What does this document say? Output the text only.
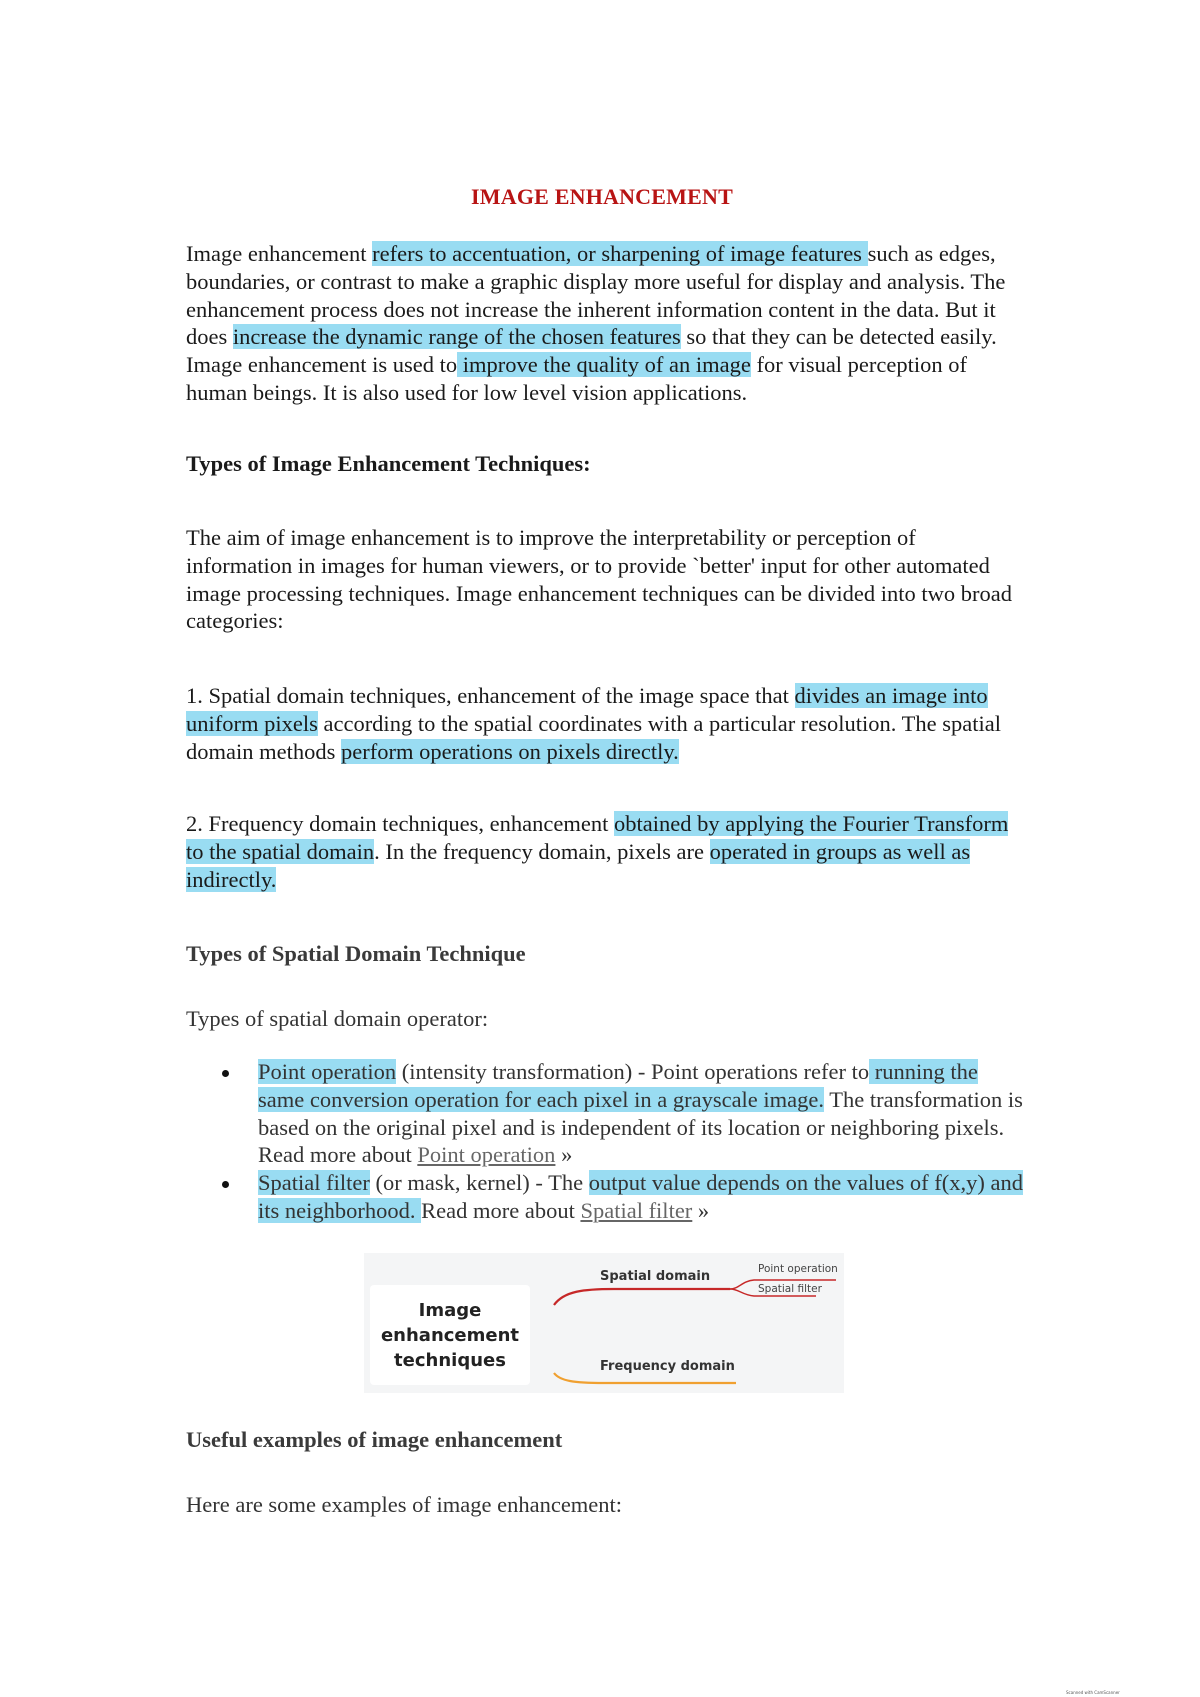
IMAGE ENHANCEMENT
Image enhancement refers to accentuation, or sharpening of image features such as edges, boundaries, or contrast to make a graphic display more useful for display and analysis. The enhancement process does not increase the inherent information content in the data. But it does increase the dynamic range of the chosen features so that they can be detected easily. Image enhancement is used to improve the quality of an image for visual perception of human beings. It is also used for low level vision applications.
Types of Image Enhancement Techniques:
The aim of image enhancement is to improve the interpretability or perception of information in images for human viewers, or to provide `better' input for other automated image processing techniques. Image enhancement techniques can be divided into two broad categories:
1. Spatial domain techniques, enhancement of the image space that divides an image into uniform pixels according to the spatial coordinates with a particular resolution. The spatial domain methods perform operations on pixels directly.
2. Frequency domain techniques, enhancement obtained by applying the Fourier Transform to the spatial domain. In the frequency domain, pixels are operated in groups as well as indirectly.
Types of Spatial Domain Technique
Types of spatial domain operator:
Point operation (intensity transformation) - Point operations refer to running the same conversion operation for each pixel in a grayscale image. The transformation is based on the original pixel and is independent of its location or neighboring pixels. Read more about Point operation »
Spatial filter (or mask, kernel) - The output value depends on the values of f(x,y) and its neighborhood. Read more about Spatial filter »
Useful examples of image enhancement
Here are some examples of image enhancement:
Image enhancement techniques
Spatial domain
Frequency domain
Point operation
Spatial filter
Scanned with CamScanner
